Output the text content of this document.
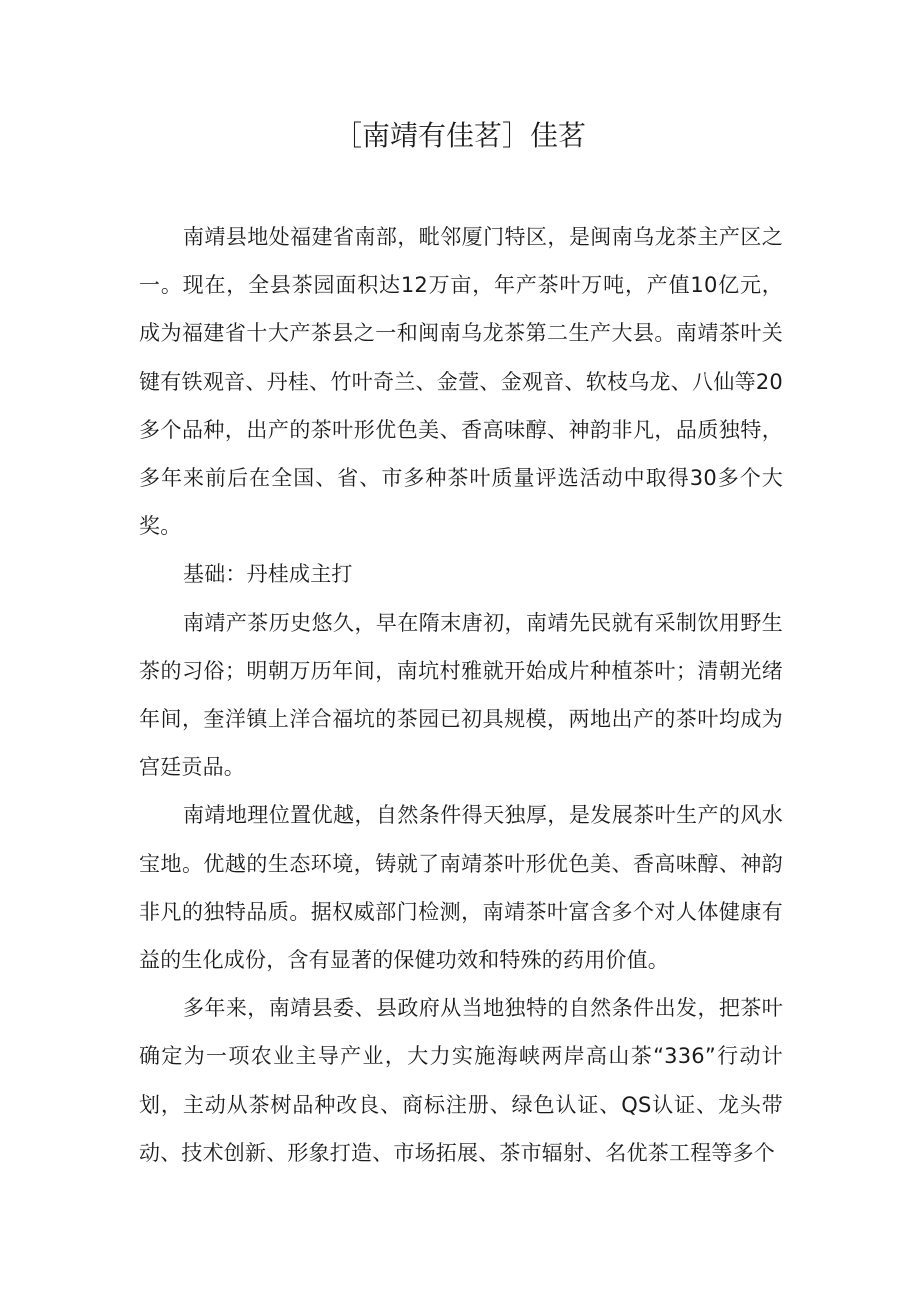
［南靖有佳茗］佳茗

南靖县地处福建省南部，毗邻厦门特区，是闽南乌龙茶主产区之一。现在，全县茶园面积达12万亩，年产茶叶万吨，产值10亿元，成为福建省十大产茶县之一和闽南乌龙茶第二生产大县。南靖茶叶关键有铁观音、丹桂、竹叶奇兰、金萱、金观音、软枝乌龙、八仙等20多个品种，出产的茶叶形优色美、香高味醇、神韵非凡，品质独特，多年来前后在全国、省、市多种茶叶质量评选活动中取得30多个大奖。

基础：丹桂成主打

南靖产茶历史悠久，早在隋末唐初，南靖先民就有采制饮用野生茶的习俗；明朝万历年间，南坑村雅就开始成片种植茶叶；清朝光绪年间，奎洋镇上洋合福坑的茶园已初具规模，两地出产的茶叶均成为宫廷贡品。

南靖地理位置优越，自然条件得天独厚，是发展茶叶生产的风水宝地。优越的生态环境，铸就了南靖茶叶形优色美、香高味醇、神韵非凡的独特品质。据权威部门检测，南靖茶叶富含多个对人体健康有益的生化成份，含有显著的保健功效和特殊的药用价值。

多年来，南靖县委、县政府从当地独特的自然条件出发，把茶叶确定为一项农业主导产业，大力实施海峡两岸高山茶“336”行动计划，主动从茶树品种改良、商标注册、绿色认证、QS认证、龙头带动、技术创新、形象打造、市场拓展、茶市辐射、名优茶工程等多个
